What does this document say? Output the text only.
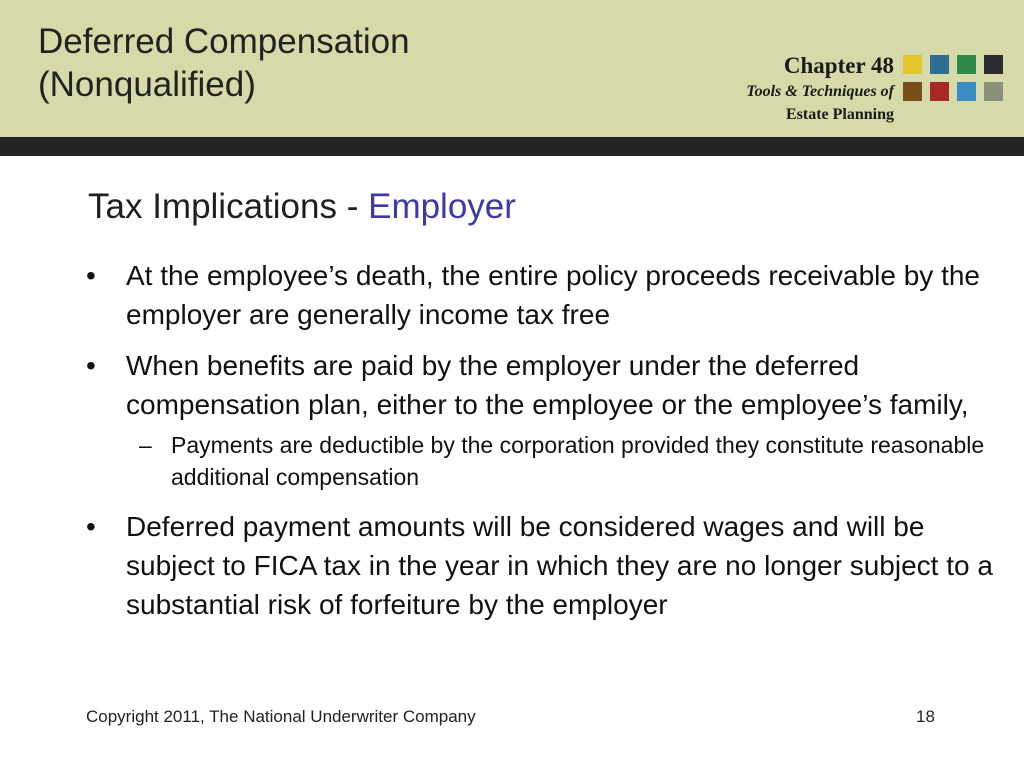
Deferred Compensation
(Nonqualified)	Chapter 48
Tools & Techniques of
Estate Planning
Tax Implications - Employer
• At the employee’s death, the entire policy proceeds receivable by the employer are generally income tax free
• When benefits are paid by the employer under the deferred compensation plan, either to the employee or the employee’s family,
– Payments are deductible by the corporation provided they constitute reasonable additional compensation
• Deferred payment amounts will be considered wages and will be subject to FICA tax in the year in which they are no longer subject to a substantial risk of forfeiture by the employer
Copyright 2011, The National Underwriter Company	18
